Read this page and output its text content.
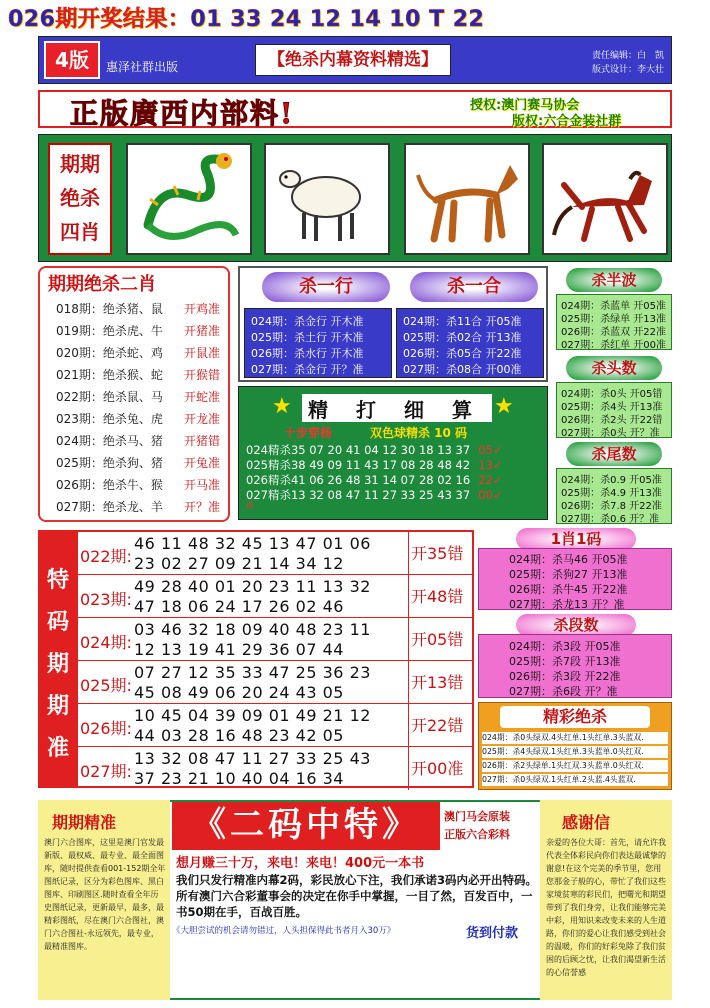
026期开奖结果：01 33 24 12 14 10 T 22
4版	惠泽社群出版	【绝杀内幕资料精选】	责任编辑：白　凯
版式设计：李大壮
正版廣西内部料!	授权:澳门赛马协会
版权:六合金装社群
期期绝杀四肖
期期绝杀二肖
018期：绝杀猪、鼠 开鸡准
019期：绝杀虎、牛 开猪准
020期：绝杀蛇、鸡 开鼠准
021期：绝杀猴、蛇 开猴错
022期：绝杀鼠、马 开蛇准
023期：绝杀兔、虎 开龙准
024期：绝杀马、猪 开猪错
025期：绝杀狗、猪 开兔准
026期：绝杀牛、猴 开马准
027期：绝杀龙、羊 开？准
杀一行	杀一合
024期：杀金行 开木准
025期：杀土行 开木准
026期：杀水行 开木准
027期：杀金行 开？准
024期：杀11合 开05准
025期：杀02合 开13准
026期：杀05合 开22准
027期：杀08合 开00准
★	★
精 打 细 算
十步穿杨	双色球精杀 10 码
024精杀35 07 20 41 04 12 30 18 13 37 05✓
025精杀38 49 09 11 43 17 08 28 48 42 13✓
026精杀41 06 26 48 31 14 07 28 02 16 22✓
027精杀13 32 08 47 11 27 33 25 43 37 00✓
准
杀半波
024期：杀蓝单 开05准
025期：杀绿单 开13准
026期：杀蓝双 开22准
027期：杀红单 开00准
杀头数
024期：杀0头 开05错
025期：杀4头 开13准
026期：杀2头 开22错
027期：杀0头 开？准
杀尾数
024期：杀0.9 开05准
025期：杀4.9 开13准
026期：杀7.8 开22准
027期：杀0.6 开？准
特码期期准
022期:
46 11 48 32 45 13 47 01 06
23 02 27 09 21 14 34 12
开35错
023期:
49 28 40 01 20 23 11 13 32
47 18 06 24 17 26 02 46
开48错
024期:
03 46 32 18 09 40 48 23 11
12 13 19 41 29 36 07 44
开05错
025期:
07 27 12 35 33 47 25 36 23
45 08 49 06 20 24 43 05
开13错
026期:
10 45 04 39 09 01 49 21 12
44 03 28 16 48 23 42 05
开22错
027期:
13 32 08 47 11 27 33 25 43
37 23 21 10 40 04 16 34
开00准
1肖1码
024期：杀马46 开05准
025期：杀狗27 开13准
026期：杀牛45 开22准
027期：杀龙13 开？准
杀段数
024期：杀3段 开05准
025期：杀7段 开13准
026期：杀3段 开22准
027期：杀6段 开？准
精彩绝杀
024期：杀0头绿双.4头红单.1头红单.3头蓝双.
025期：杀4头绿双.1头红单.3头蓝单.0头红双.
026期：杀2头绿单.1头红双.3头蓝单.0头红双.
027期：杀0头绿双.1头红单.2头蓝.4头蓝双.
期期精准
澳门六合图库，这里是澳门官发最新版、最权威、最专业、最全面图库，随时提供查看001-152期全年图纸记录，区分为彩色图库、黑白图库、印刷图区.随时查看全年历史图纸记录，更新最早，最多，最精彩图纸，尽在澳门六合图社，澳门六合图社-永远领先，最专业，最精准图库。
感谢信
亲爱的各位大哥：首先，请允许我代表全体彩民向你们表达最诚挚的谢意!在这个完美的季节里，您用您那金子般的心，带忙了我们这些家境贫寒的彩民们，把曙光和期望带到了我们身旁，让我们能够完美中彩，用知识来改变未来的人生道路，你们的爱心让我们感受到社会的温暖，你们的好彩兔除了我们贫困的后顾之忧，让我们渴望新生活的心信誉感
《二码中特》	澳门马会原装
正版六合彩料
想月赚三十万，来电！来电！400元一本书
我们只发行精准内幕2码，彩民放心下注，我们承诺3码内必开出特码。所有澳门六合彩董事会的决定在你手中掌握，一目了然，百发百中，一书50期在手，百战百胜。
《大胆尝试的机会请勿错过，人头担保得此书者月入30万》	货到付款
